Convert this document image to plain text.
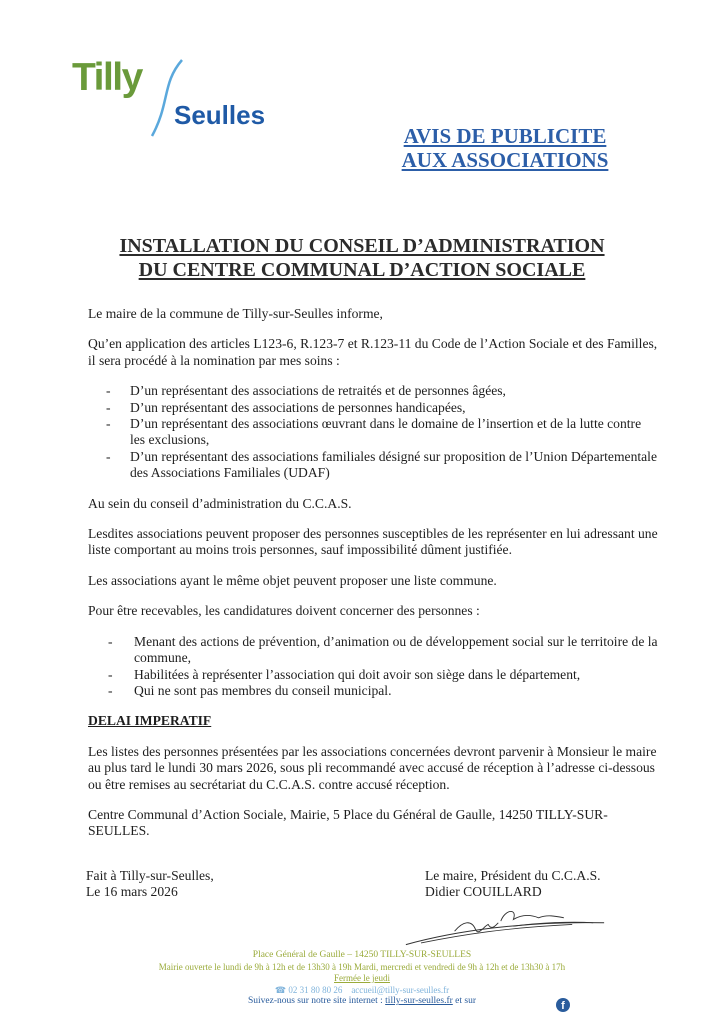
Tilly
Seulles
AVIS DE PUBLICITE
AUX ASSOCIATIONS
INSTALLATION DU CONSEIL D’ADMINISTRATION
DU CENTRE COMMUNAL D’ACTION SOCIALE

Le maire de la commune de Tilly-sur-Seulles informe,

Qu’en application des articles L123-6, R.123-7 et R.123-11 du Code de l’Action Sociale et des Familles, il sera procédé à la nomination par mes soins :

- D’un représentant des associations de retraités et de personnes âgées,
- D’un représentant des associations de personnes handicapées,
- D’un représentant des associations œuvrant dans le domaine de l’insertion et de la lutte contre les exclusions,
- D’un représentant des associations familiales désigné sur proposition de l’Union Départementale des Associations Familiales (UDAF)

Au sein du conseil d’administration du C.C.A.S.

Lesdites associations peuvent proposer des personnes susceptibles de les représenter en lui adressant une liste comportant au moins trois personnes, sauf impossibilité dûment justifiée.

Les associations ayant le même objet peuvent proposer une liste commune.

Pour être recevables, les candidatures doivent concerner des personnes :

- Menant des actions de prévention, d’animation ou de développement social sur le territoire de la commune,
- Habilitées à représenter l’association qui doit avoir son siège dans le département,
- Qui ne sont pas membres du conseil municipal.

DELAI IMPERATIF

Les listes des personnes présentées par les associations concernées devront parvenir à Monsieur le maire au plus tard le lundi 30 mars 2026, sous pli recommandé avec accusé de réception à l’adresse ci-dessous ou être remises au secrétariat du C.C.A.S. contre accusé réception.

Centre Communal d’Action Sociale, Mairie, 5 Place du Général de Gaulle, 14250 TILLY-SUR-SEULLES.

Fait à Tilly-sur-Seulles,
Le 16 mars 2026
Le maire, Président du C.C.A.S.
Didier COUILLARD
Place Général de Gaulle – 14250 TILLY-SUR-SEULLES
Mairie ouverte le lundi de 9h à 12h et de 13h30 à 19h Mardi, mercredi et vendredi de 9h à 12h et de 13h30 à 17h
Fermée le jeudi
☎ 02 31 80 80 26 accueil@tilly-sur-seulles.fr
Suivez-nous sur notre site internet : tilly-sur-seulles.fr et sur	f
